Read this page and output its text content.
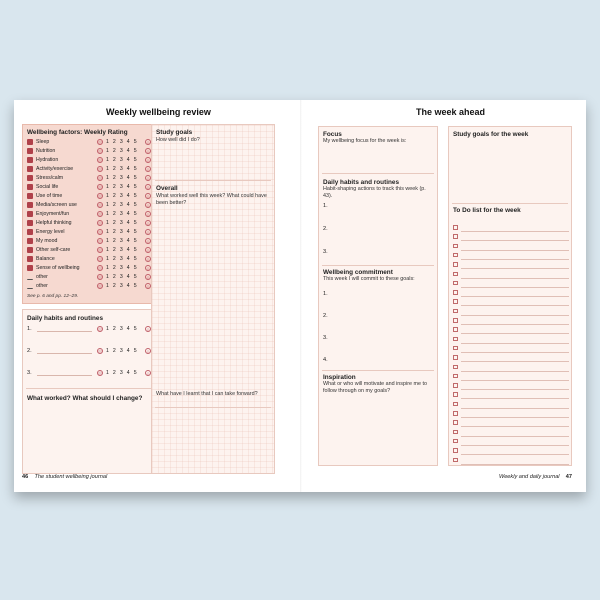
Weekly wellbeing review
Wellbeing factors: Weekly Rating
Sleep	☹ 1 2 3 4 5 ☺
Nutrition	☹ 1 2 3 4 5 ☺
Hydration	☹ 1 2 3 4 5 ☺
Activity/exercise	☹ 1 2 3 4 5 ☺
Stress/calm	☹ 1 2 3 4 5 ☺
Social life	☹ 1 2 3 4 5 ☺
Use of time	☹ 1 2 3 4 5 ☺
Media/screen use	☹ 1 2 3 4 5 ☺
Enjoyment/fun	☹ 1 2 3 4 5 ☺
Helpful thinking	☹ 1 2 3 4 5 ☺
Energy level	☹ 1 2 3 4 5 ☺
My mood	☹ 1 2 3 4 5 ☺
Other self-care	☹ 1 2 3 4 5 ☺
Balance	☹ 1 2 3 4 5 ☺
Sense of wellbeing	☹ 1 2 3 4 5 ☺
other	☹ 1 2 3 4 5 ☺
other	☹ 1 2 3 4 5 ☺
See p. 6 and pp. 12–29.
Daily habits and routines
1.	☹ 1 2 3 4 5 ☺
2.	☹ 1 2 3 4 5 ☺
3.	☹ 1 2 3 4 5 ☺
What worked? What should I change?
Study goals
How well did I do?
Overall
What worked well this week? What could have been better?
What have I learnt that I can take forward?
46 The student wellbeing journal
The week ahead
Focus
My wellbeing focus for the week is:
Daily habits and routines
Habit-shaping actions to track this week (p. 43).
1.
2.
3.
Wellbeing commitment
This week I will commit to these goals:
1.
2.
3.
4.
Inspiration
What or who will motivate and inspire me to follow through on my goals?
Study goals for the week
To Do list for the week
Weekly and daily journal 47
